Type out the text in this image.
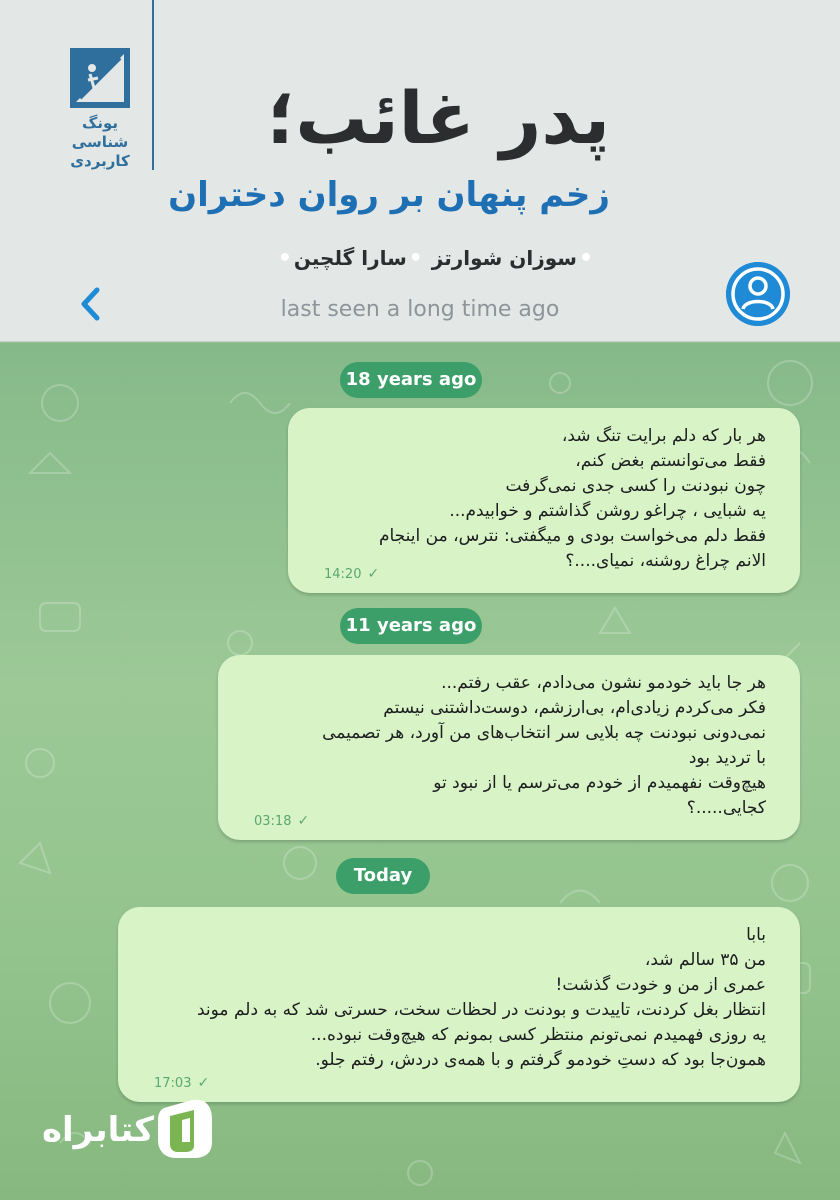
یونگ
شناسی
کاربردی
پدر غائب؛
زخم پنهان بر روان دختران
•سوزان شوارتز •سارا گلچین•
last seen a long time ago
18 years ago
هر بار که دلم برایت تنگ شد،
فقط می‌توانستم بغض کنم،
چون نبودنت را کسی جدی نمی‌گرفت
یه شبایی ، چراغو روشن گذاشتم و خوابیدم...
فقط دلم می‌خواست بودی و میگفتی: نترس، من اینجام
الانم چراغ روشنه، نمیای....؟
14:20 ✓
11 years ago
هر جا باید خودمو نشون می‌دادم، عقب رفتم...
فکر می‌کردم زیادی‌ام، بی‌ارزشم، دوست‌داشتنی نیستم
نمی‌دونی نبودنت چه بلایی سر انتخاب‌های من آورد، هر تصمیمی
با تردید بود
هیچ‌وقت نفهمیدم از خودم می‌ترسم یا از نبود تو
کجایی.....؟
03:18 ✓
Today
بابا
من ۳۵ سالم شد،
عمری از من و خودت گذشت!
انتظار بغل کردنت، تاییدت و بودنت در لحظات سخت، حسرتی شد که به دلم موند
یه روزی فهمیدم نمی‌تونم منتظر کسی بمونم که هیچ‌وقت نبوده...
همون‌جا بود که دستِ خودمو گرفتم و با همه‌ی دردش، رفتم جلو.
17:03 ✓
کتابراه
